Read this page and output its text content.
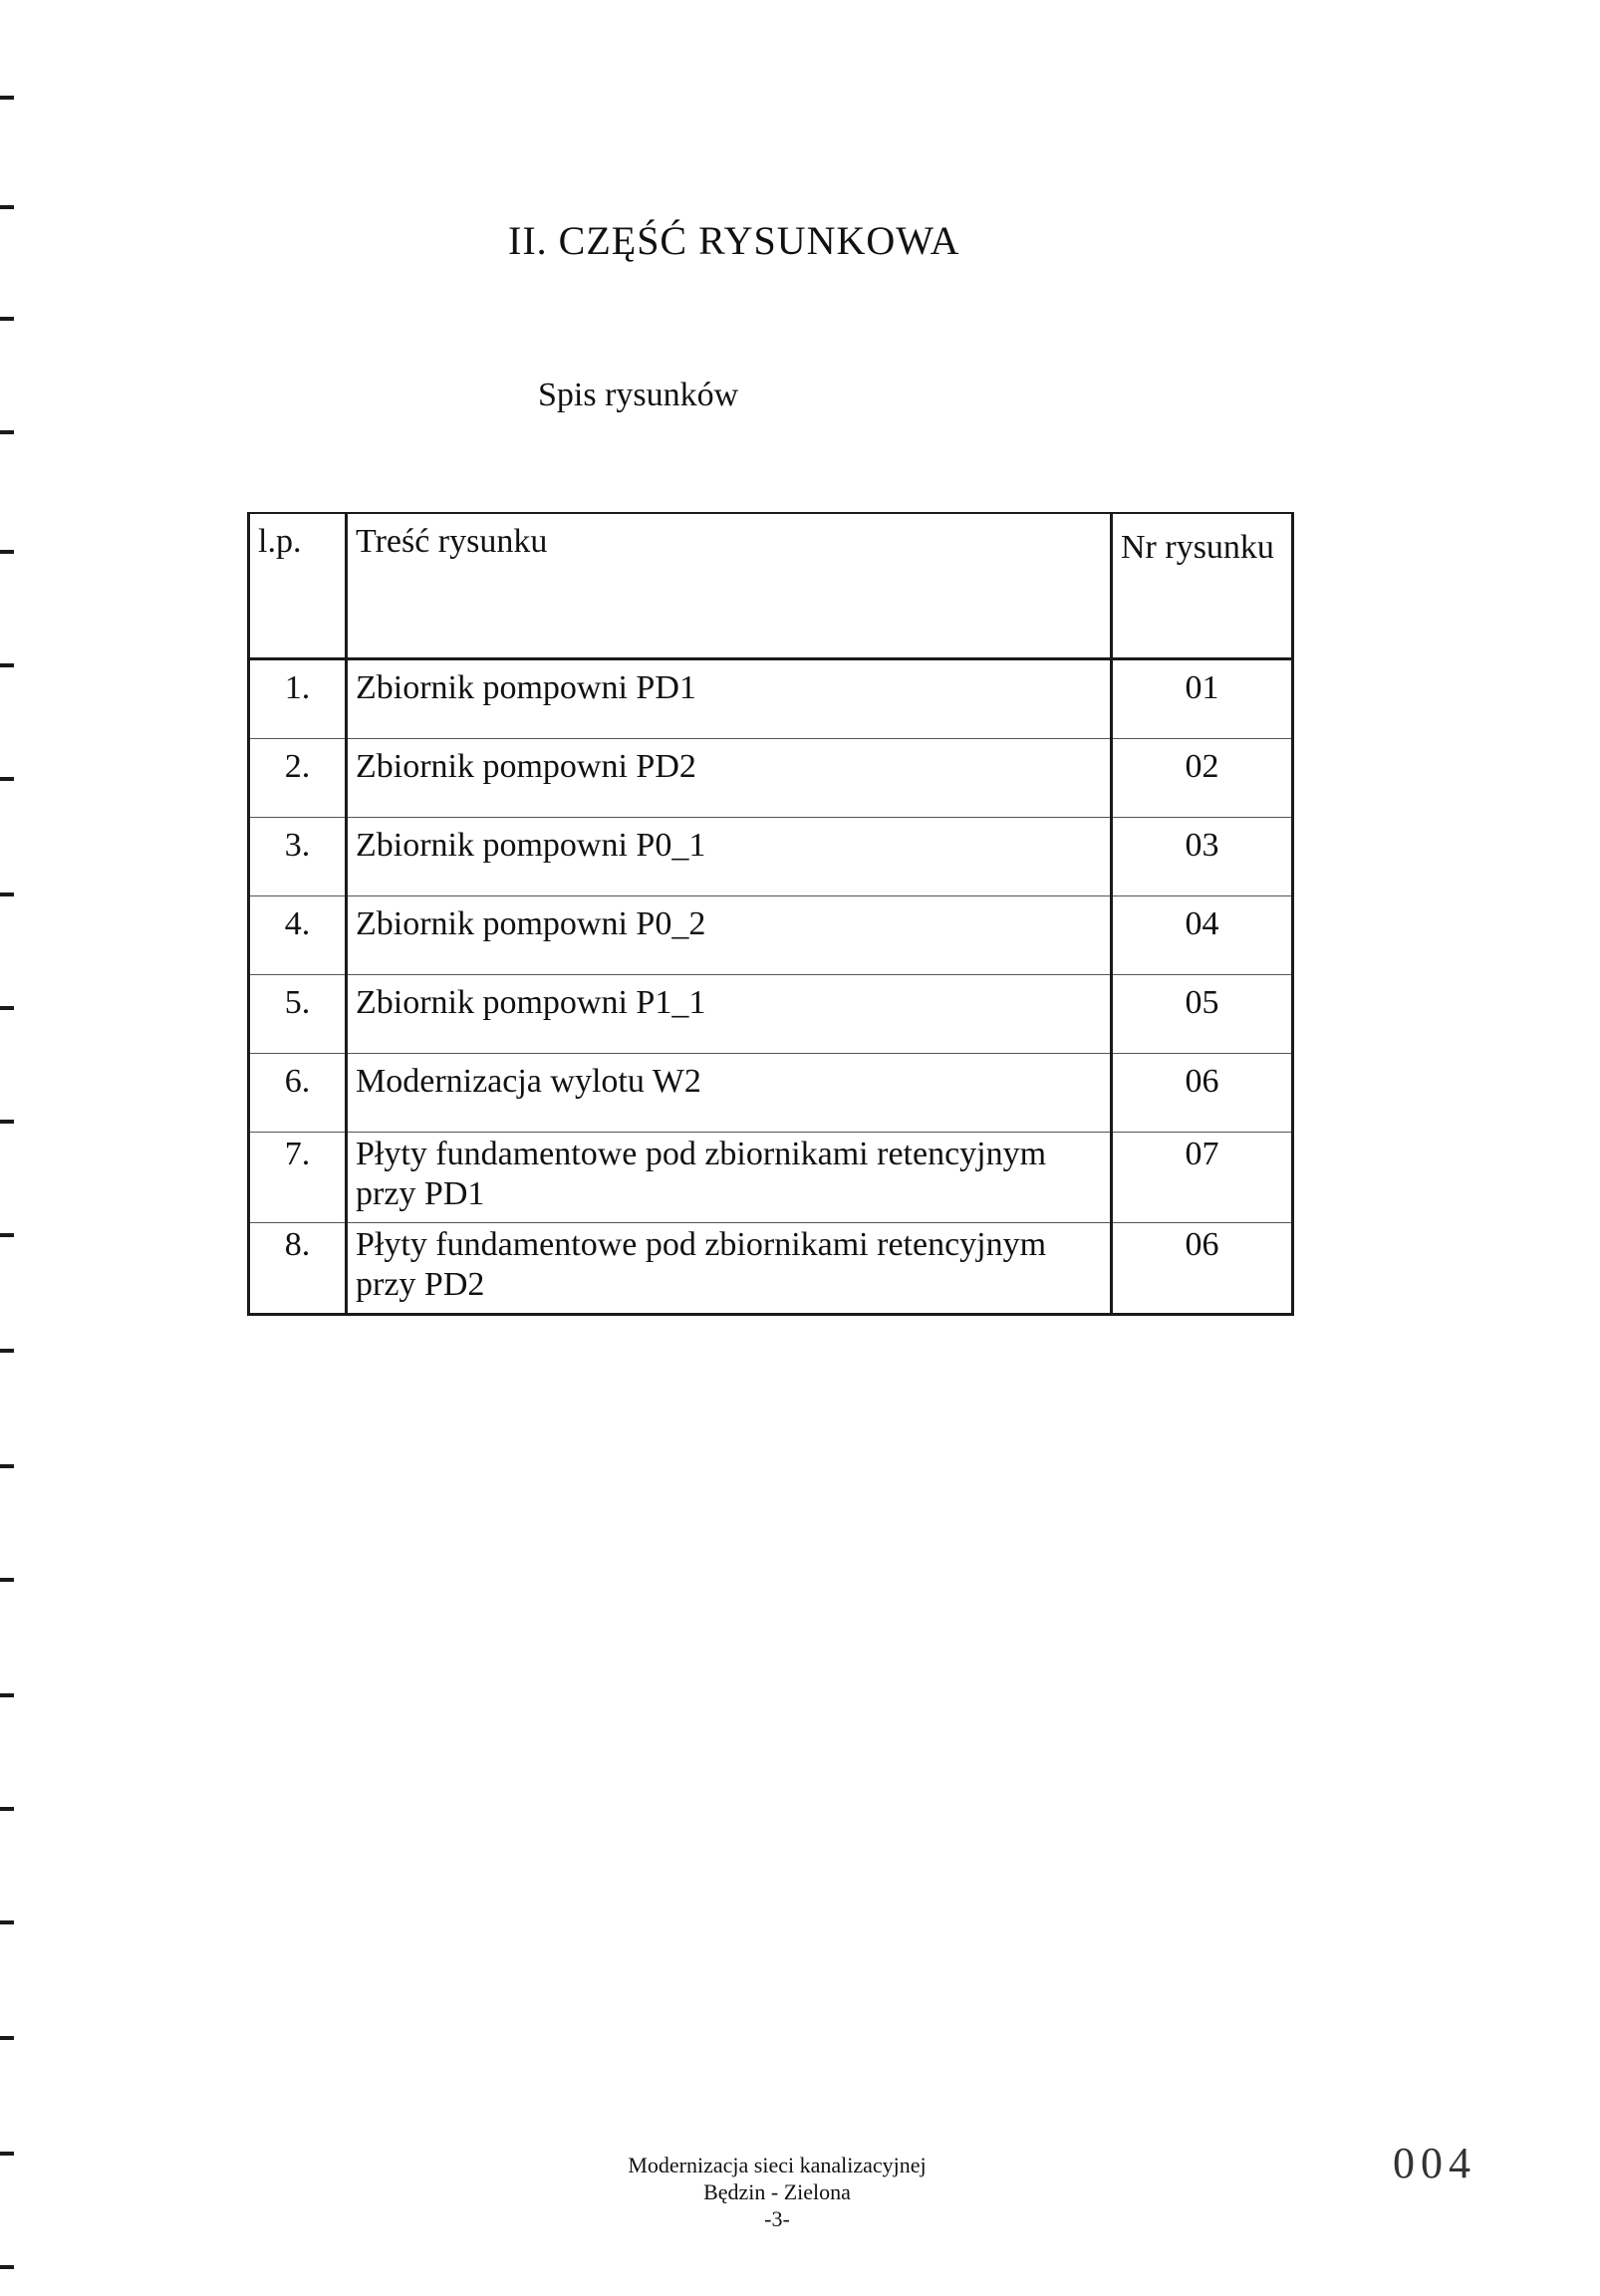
II. CZĘŚĆ RYSUNKOWA
Spis rysunków
l.p.	Treść rysunku	Nr rysunku
1.	Zbiornik pompowni PD1	01
2.	Zbiornik pompowni PD2	02
3.	Zbiornik pompowni P0_1	03
4.	Zbiornik pompowni P0_2	04
5.	Zbiornik pompowni P1_1	05
6.	Modernizacja wylotu W2	06
7.	Płyty fundamentowe pod zbiornikami retencyjnym przy PD1	07
8.	Płyty fundamentowe pod zbiornikami retencyjnym przy PD2	06
Modernizacja sieci kanalizacyjnej
Będzin - Zielona
-3-
004
